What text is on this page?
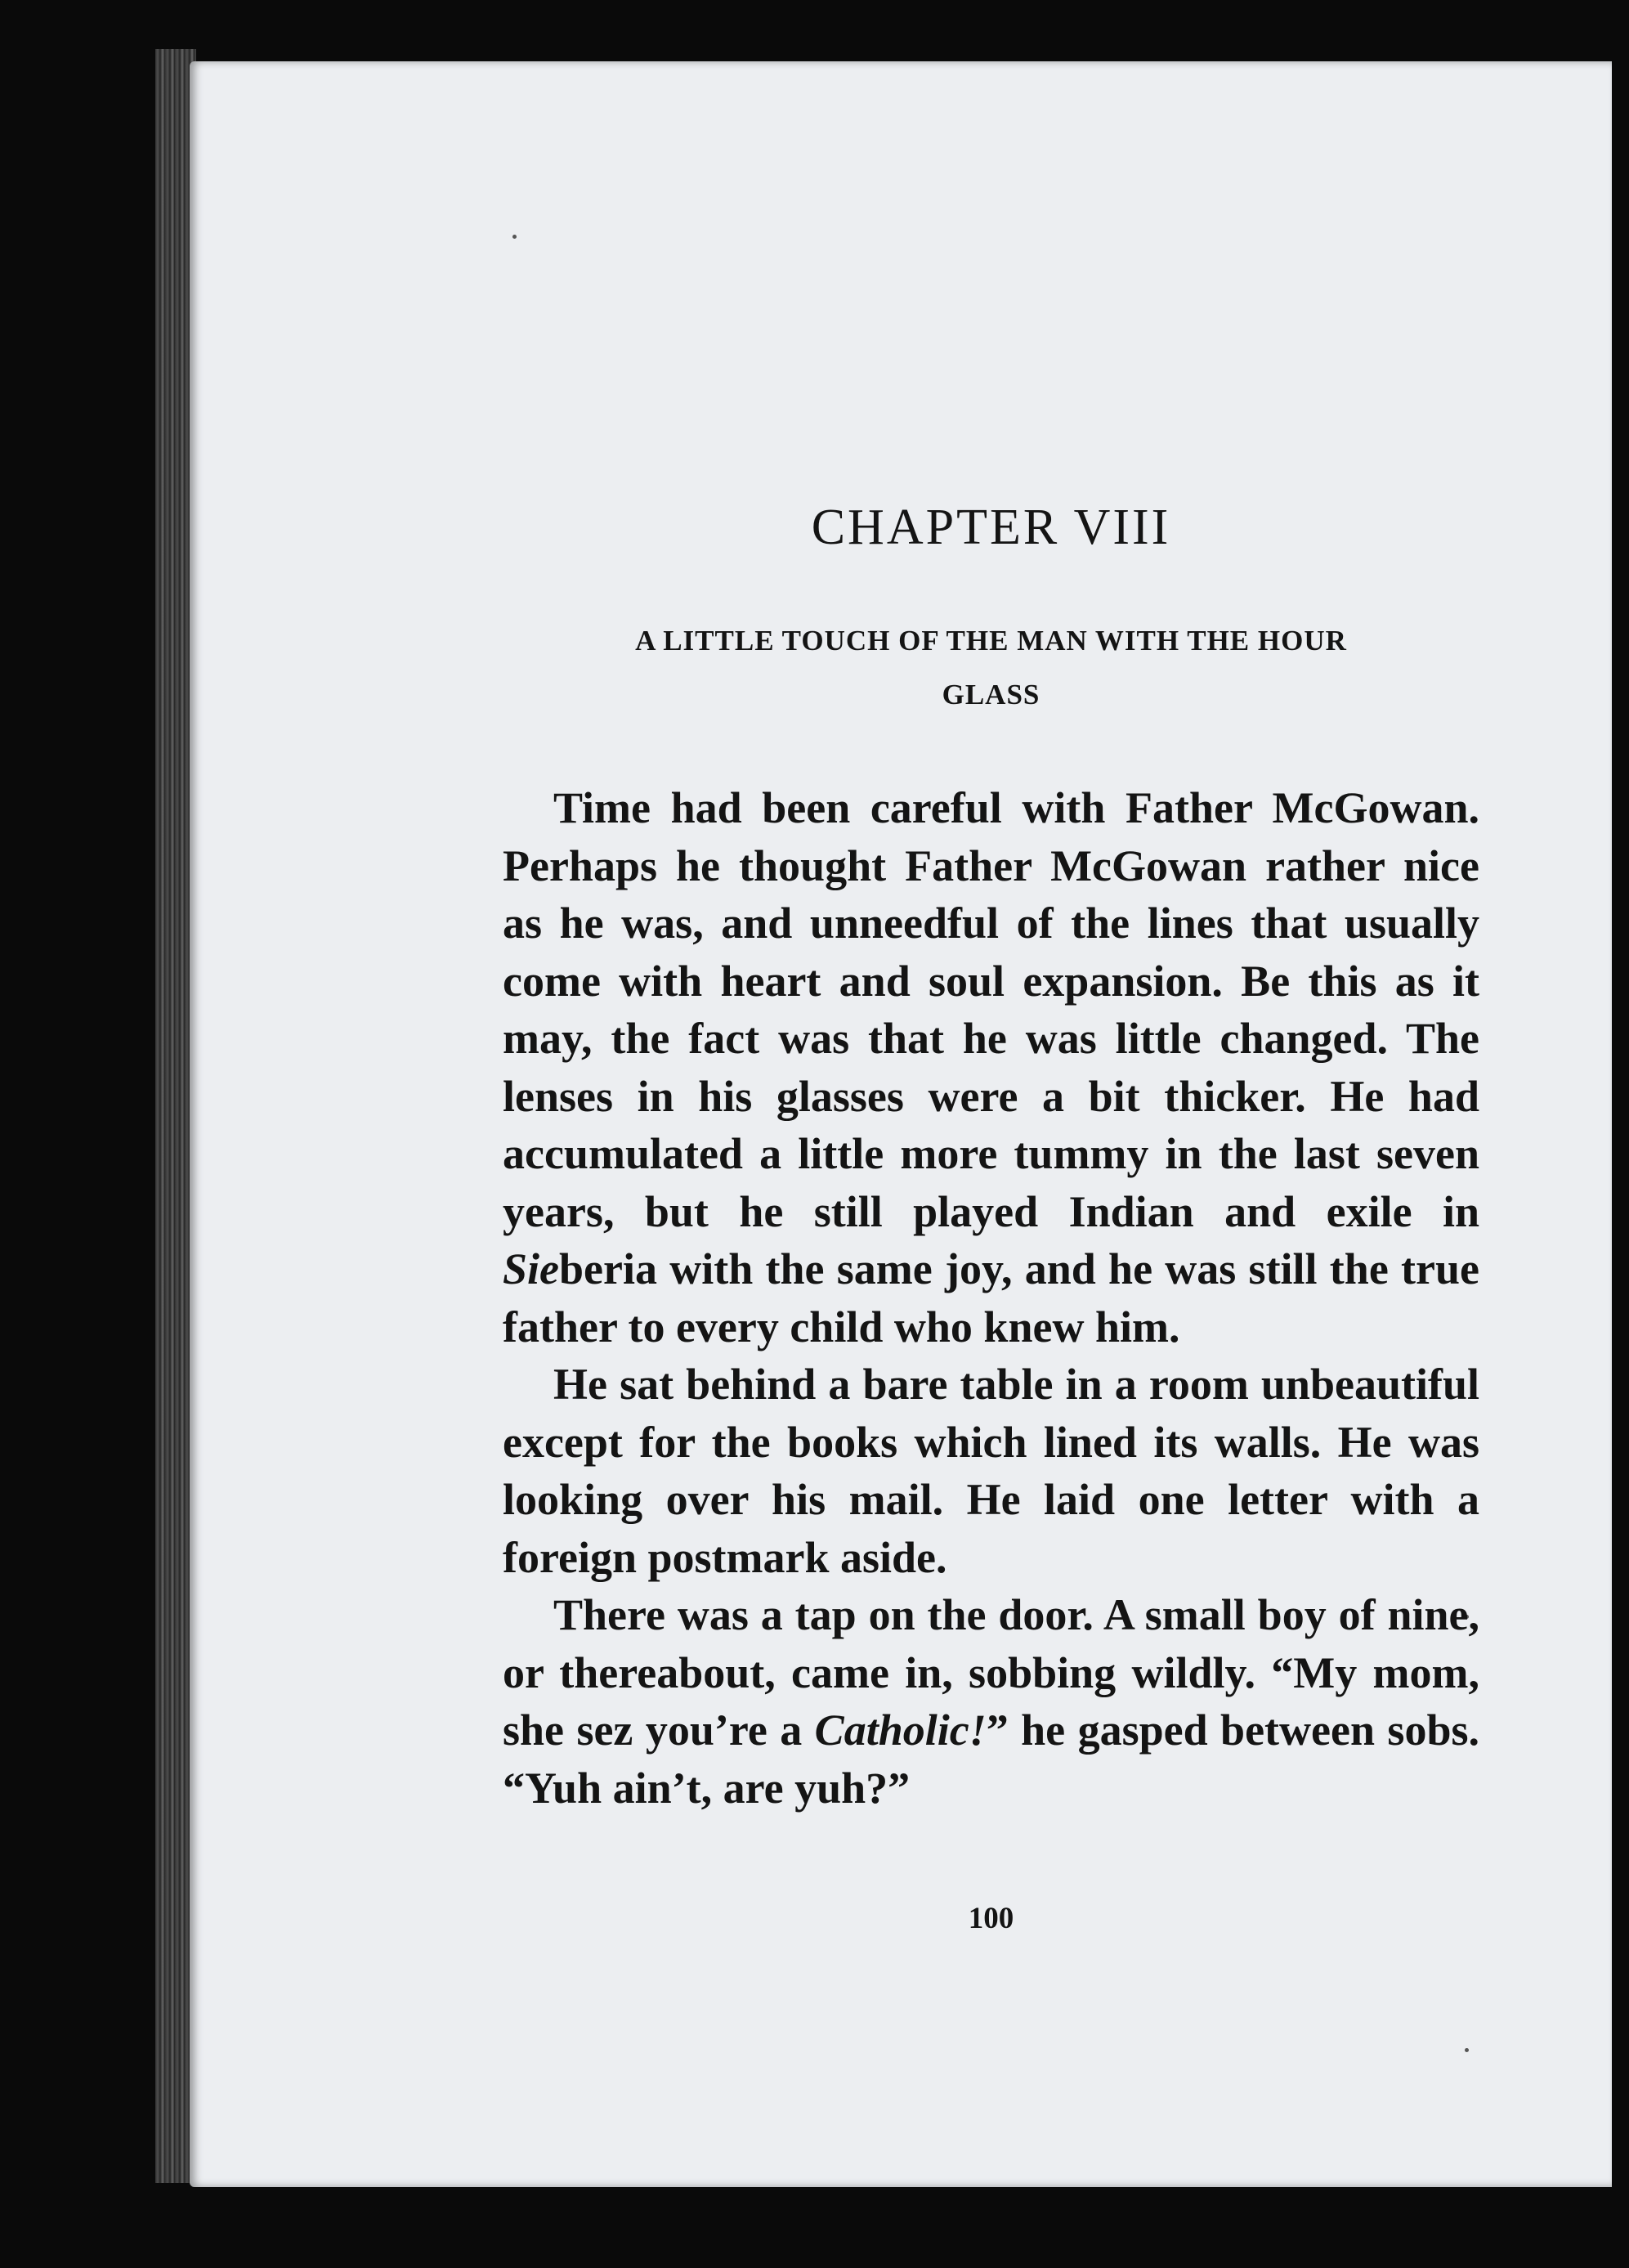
CHAPTER VIII
A LITTLE TOUCH OF THE MAN WITH THE HOUR
GLASS

Time had been careful with Father McGowan. Perhaps he thought Father McGowan rather nice as he was, and unneedful of the lines that usually come with heart and soul expansion. Be this as it may, the fact was that he was little changed. The lenses in his glasses were a bit thicker. He had accumulated a little more tummy in the last seven years, but he still played Indian and exile in Sieberia with the same joy, and he was still the true father to every child who knew him.

He sat behind a bare table in a room unbeautiful except for the books which lined its walls. He was looking over his mail. He laid one letter with a foreign postmark aside.

There was a tap on the door. A small boy of nine, or thereabout, came in, sobbing wildly. “My mom, she sez you’re a Catholic!” he gasped between sobs. “Yuh ain’t, are yuh?”

100
